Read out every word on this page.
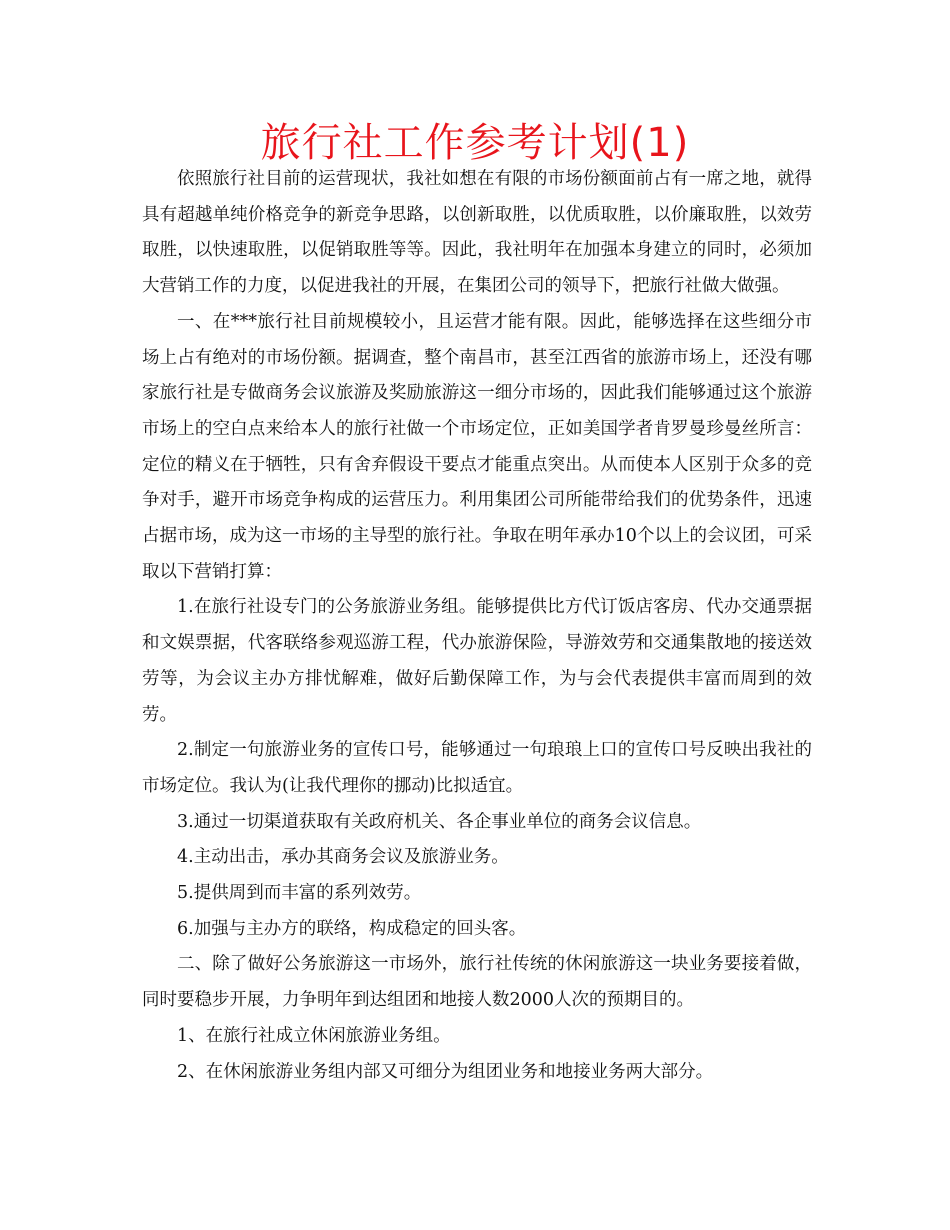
旅行社工作参考计划(1)

依照旅行社目前的运营现状，我社如想在有限的市场份额面前占有一席之地，就得具有超越单纯价格竞争的新竞争思路，以创新取胜，以优质取胜，以价廉取胜，以效劳取胜，以快速取胜，以促销取胜等等。因此，我社明年在加强本身建立的同时，必须加大营销工作的力度，以促进我社的开展，在集团公司的领导下，把旅行社做大做强。

一、在***旅行社目前规模较小，且运营才能有限。因此，能够选择在这些细分市场上占有绝对的市场份额。据调查，整个南昌市，甚至江西省的旅游市场上，还没有哪家旅行社是专做商务会议旅游及奖励旅游这一细分市场的，因此我们能够通过这个旅游市场上的空白点来给本人的旅行社做一个市场定位，正如美国学者肯罗曼珍曼丝所言：定位的精义在于牺牲，只有舍弃假设干要点才能重点突出。从而使本人区别于众多的竞争对手，避开市场竞争构成的运营压力。利用集团公司所能带给我们的优势条件，迅速占据市场，成为这一市场的主导型的旅行社。争取在明年承办10个以上的会议团，可采取以下营销打算：

1.在旅行社设专门的公务旅游业务组。能够提供比方代订饭店客房、代办交通票据和文娱票据，代客联络参观巡游工程，代办旅游保险，导游效劳和交通集散地的接送效劳等，为会议主办方排忧解难，做好后勤保障工作，为与会代表提供丰富而周到的效劳。

2.制定一句旅游业务的宣传口号，能够通过一句琅琅上口的宣传口号反映出我社的市场定位。我认为(让我代理你的挪动)比拟适宜。

3.通过一切渠道获取有关政府机关、各企事业单位的商务会议信息。

4.主动出击，承办其商务会议及旅游业务。

5.提供周到而丰富的系列效劳。

6.加强与主办方的联络，构成稳定的回头客。

二、除了做好公务旅游这一市场外，旅行社传统的休闲旅游这一块业务要接着做，同时要稳步开展，力争明年到达组团和地接人数2000人次的预期目的。

1、在旅行社成立休闲旅游业务组。

2、在休闲旅游业务组内部又可细分为组团业务和地接业务两大部分。
